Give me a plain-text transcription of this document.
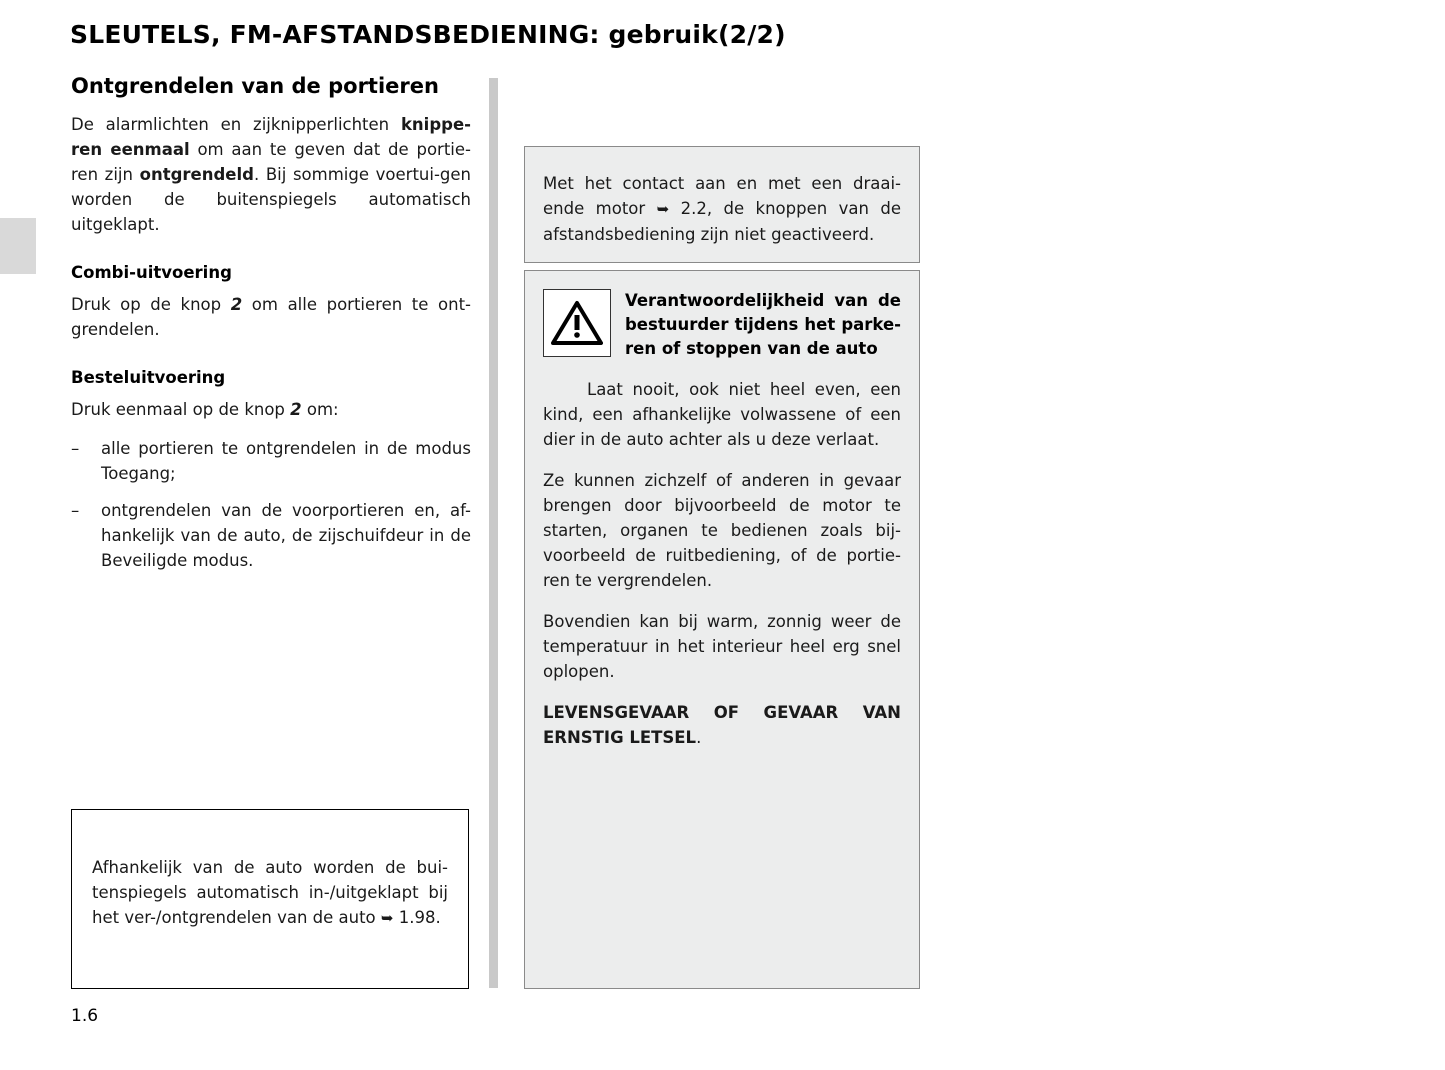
SLEUTELS, FM-AFSTANDSBEDIENING: gebruik(2/2)
Ontgrendelen van de portieren

De alarmlichten en zijknipperlichten knippe-ren eenmaal om aan te geven dat de portie-ren zijn ontgrendeld. Bij sommige voertui-gen worden de buitenspiegels automatisch uitgeklapt.

Combi-uitvoering

Druk op de knop 2 om alle portieren te ont-grendelen.

Besteluitvoering

Druk eenmaal op de knop 2 om:

– alle portieren te ontgrendelen in de modus Toegang;
– ontgrendelen van de voorportieren en, af-hankelijk van de auto, de zijschuifdeur in de Beveiligde modus.
Afhankelijk van de auto worden de bui-tenspiegels automatisch in-/uitgeklapt bij het ver-/ontgrendelen van de auto ➥ 1.98.
Met het contact aan en met een draai-ende motor ➥ 2.2, de knoppen van de afstandsbediening zijn niet geactiveerd.
Verantwoordelijkheid van de bestuurder tijdens het parke-ren of stoppen van de auto

Laat nooit, ook niet heel even, een kind, een afhankelijke volwassene of een dier in de auto achter als u deze verlaat.

Ze kunnen zichzelf of anderen in gevaar brengen door bijvoorbeeld de motor te starten, organen te bedienen zoals bij-voorbeeld de ruitbediening, of de portie-ren te vergrendelen.

Bovendien kan bij warm, zonnig weer de temperatuur in het interieur heel erg snel oplopen.

LEVENSGEVAAR OF GEVAAR VAN ERNSTIG LETSEL.

1.6
